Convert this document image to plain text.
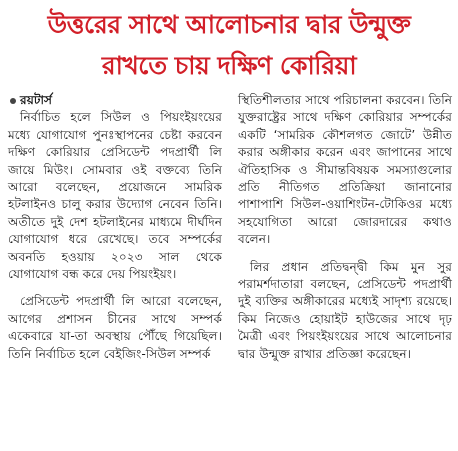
উত্তরের সাথে আলোচনার দ্বার উন্মুক্ত
রাখতে চায় দক্ষিণ কোরিয়া
রয়টার্স

নির্বাচিত হলে সিউল ও পিয়ংইয়ংয়ের মধ্যে যোগাযোগ পুনঃস্থাপনের চেষ্টা করবেন দক্ষিণ কোরিয়ার প্রেসিডেন্ট পদপ্রার্থী লি জায়ে মিউং। সোমবার ওই বক্তব্যে তিনি আরো বলেছেন, প্রয়োজনে সামরিক হটলাইনও চালু করার উদ্যোগ নেবেন তিনি। অতীতে দুই দেশ হটলাইনের মাধ্যমে দীর্ঘদিন যোগাযোগ ধরে রেখেছে। তবে সম্পর্কের অবনতি হওয়ায় ২০২৩ সাল থেকে যোগাযোগ বন্ধ করে দেয় পিয়ংইয়ং।

প্রেসিডেন্ট পদপ্রার্থী লি আরো বলেছেন, আগের প্রশাসন চীনের সাথে সম্পর্ক একেবারে যা-তা অবস্থায় পৌঁছে গিয়েছিল। তিনি নির্বাচিত হলে বেইজিং-সিউল সম্পর্ক

স্থিতিশীলতার সাথে পরিচালনা করবেন। তিনি যুক্তরাষ্ট্রের সাথে দক্ষিণ কোরিয়ার সম্পর্কের একটি ‘সামরিক কৌশলগত জোটে’ উন্নীত করার অঙ্গীকার করেন এবং জাপানের সাথে ঐতিহাসিক ও সীমান্তবিষয়ক সমস্যাগুলোর প্রতি নীতিগত প্রতিক্রিয়া জানানোর পাশাপাশি সিউল-ওয়াশিংটন-টোকিওর মধ্যে সহযোগিতা আরো জোরদারের কথাও বলেন।

লির প্রধান প্রতিদ্বন্দ্বী কিম মুন সুর পরামর্শদাতারা বলছেন, প্রেসিডেন্ট পদপ্রার্থী দুই ব্যক্তির অঙ্গীকারের মধ্যেই সাদৃশ্য রয়েছে। কিম নিজেও হোয়াইট হাউজের সাথে দৃঢ় মৈত্রী এবং পিয়ংইয়ংয়ের সাথে আলোচনার দ্বার উন্মুক্ত রাখার প্রতিজ্ঞা করেছেন।
